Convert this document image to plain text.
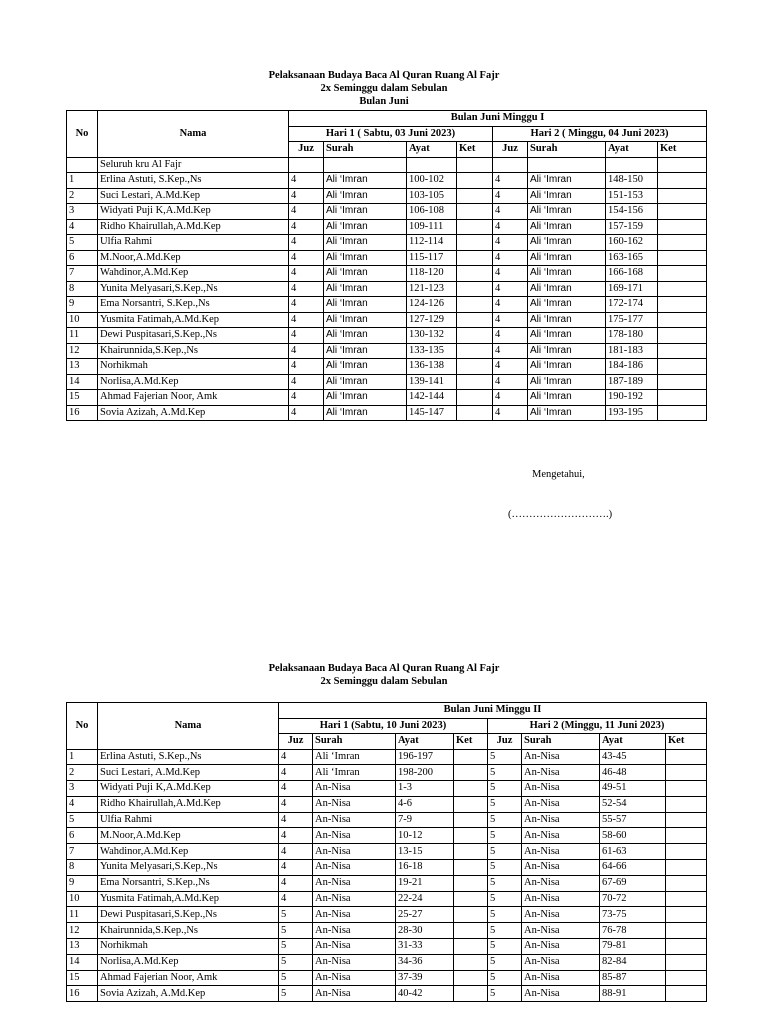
Pelaksanaan Budaya Baca Al Quran Ruang Al Fajr
2x Seminggu dalam Sebulan
Bulan Juni
No	Nama	Bulan Juni Minggu I							
		Hari 1 ( Sabtu, 03 Juni 2023)				Hari 2 ( Minggu, 04 Juni 2023)			
		Juz	Surah	Ayat	Ket	Juz	Surah	Ayat	Ket
	Seluruh kru Al Fajr								
1	Erlina Astuti, S.Kep.,Ns	4	Ali ‘Imran	100-102		4	Ali ‘Imran	148-150	
2	Suci Lestari, A.Md.Kep	4	Ali ‘Imran	103-105		4	Ali ‘Imran	151-153	
3	Widyati Puji K,A.Md.Kep	4	Ali ‘Imran	106-108		4	Ali ‘Imran	154-156	
4	Ridho Khairullah,A.Md.Kep	4	Ali ‘Imran	109-111		4	Ali ‘Imran	157-159	
5	Ulfia Rahmi	4	Ali ‘Imran	112-114		4	Ali ‘Imran	160-162	
6	M.Noor,A.Md.Kep	4	Ali ‘Imran	115-117		4	Ali ‘Imran	163-165	
7	Wahdinor,A.Md.Kep	4	Ali ‘Imran	118-120		4	Ali ‘Imran	166-168	
8	Yunita Melyasari,S.Kep.,Ns	4	Ali ‘Imran	121-123		4	Ali ‘Imran	169-171	
9	Ema Norsantri, S.Kep.,Ns	4	Ali ‘Imran	124-126		4	Ali ‘Imran	172-174	
10	Yusmita Fatimah,A.Md.Kep	4	Ali ‘Imran	127-129		4	Ali ‘Imran	175-177	
11	Dewi Puspitasari,S.Kep.,Ns	4	Ali ‘Imran	130-132		4	Ali ‘Imran	178-180	
12	Khairunnida,S.Kep.,Ns	4	Ali ‘Imran	133-135		4	Ali ‘Imran	181-183	
13	Norhikmah	4	Ali ‘Imran	136-138		4	Ali ‘Imran	184-186	
14	Norlisa,A.Md.Kep	4	Ali ‘Imran	139-141		4	Ali ‘Imran	187-189	
15	Ahmad Fajerian Noor, Amk	4	Ali ‘Imran	142-144		4	Ali ‘Imran	190-192	
16	Sovia Azizah, A.Md.Kep	4	Ali ‘Imran	145-147		4	Ali ‘Imran	193-195	
Mengetahui,
(……………………….)
Pelaksanaan Budaya Baca Al Quran Ruang Al Fajr
2x Seminggu dalam Sebulan
No	Nama	Bulan Juni Minggu II							
		Hari 1 (Sabtu, 10 Juni 2023)				Hari 2 (Minggu, 11 Juni 2023)			
		Juz	Surah	Ayat	Ket	Juz	Surah	Ayat	Ket
1	Erlina Astuti, S.Kep.,Ns	4	Ali ‘Imran	196-197		5	An-Nisa	43-45	
2	Suci Lestari, A.Md.Kep	4	Ali ‘Imran	198-200		5	An-Nisa	46-48	
3	Widyati Puji K,A.Md.Kep	4	An-Nisa	1-3		5	An-Nisa	49-51	
4	Ridho Khairullah,A.Md.Kep	4	An-Nisa	4-6		5	An-Nisa	52-54	
5	Ulfia Rahmi	4	An-Nisa	7-9		5	An-Nisa	55-57	
6	M.Noor,A.Md.Kep	4	An-Nisa	10-12		5	An-Nisa	58-60	
7	Wahdinor,A.Md.Kep	4	An-Nisa	13-15		5	An-Nisa	61-63	
8	Yunita Melyasari,S.Kep.,Ns	4	An-Nisa	16-18		5	An-Nisa	64-66	
9	Ema Norsantri, S.Kep.,Ns	4	An-Nisa	19-21		5	An-Nisa	67-69	
10	Yusmita Fatimah,A.Md.Kep	4	An-Nisa	22-24		5	An-Nisa	70-72	
11	Dewi Puspitasari,S.Kep.,Ns	5	An-Nisa	25-27		5	An-Nisa	73-75	
12	Khairunnida,S.Kep.,Ns	5	An-Nisa	28-30		5	An-Nisa	76-78	
13	Norhikmah	5	An-Nisa	31-33		5	An-Nisa	79-81	
14	Norlisa,A.Md.Kep	5	An-Nisa	34-36		5	An-Nisa	82-84	
15	Ahmad Fajerian Noor, Amk	5	An-Nisa	37-39		5	An-Nisa	85-87	
16	Sovia Azizah, A.Md.Kep	5	An-Nisa	40-42		5	An-Nisa	88-91	
